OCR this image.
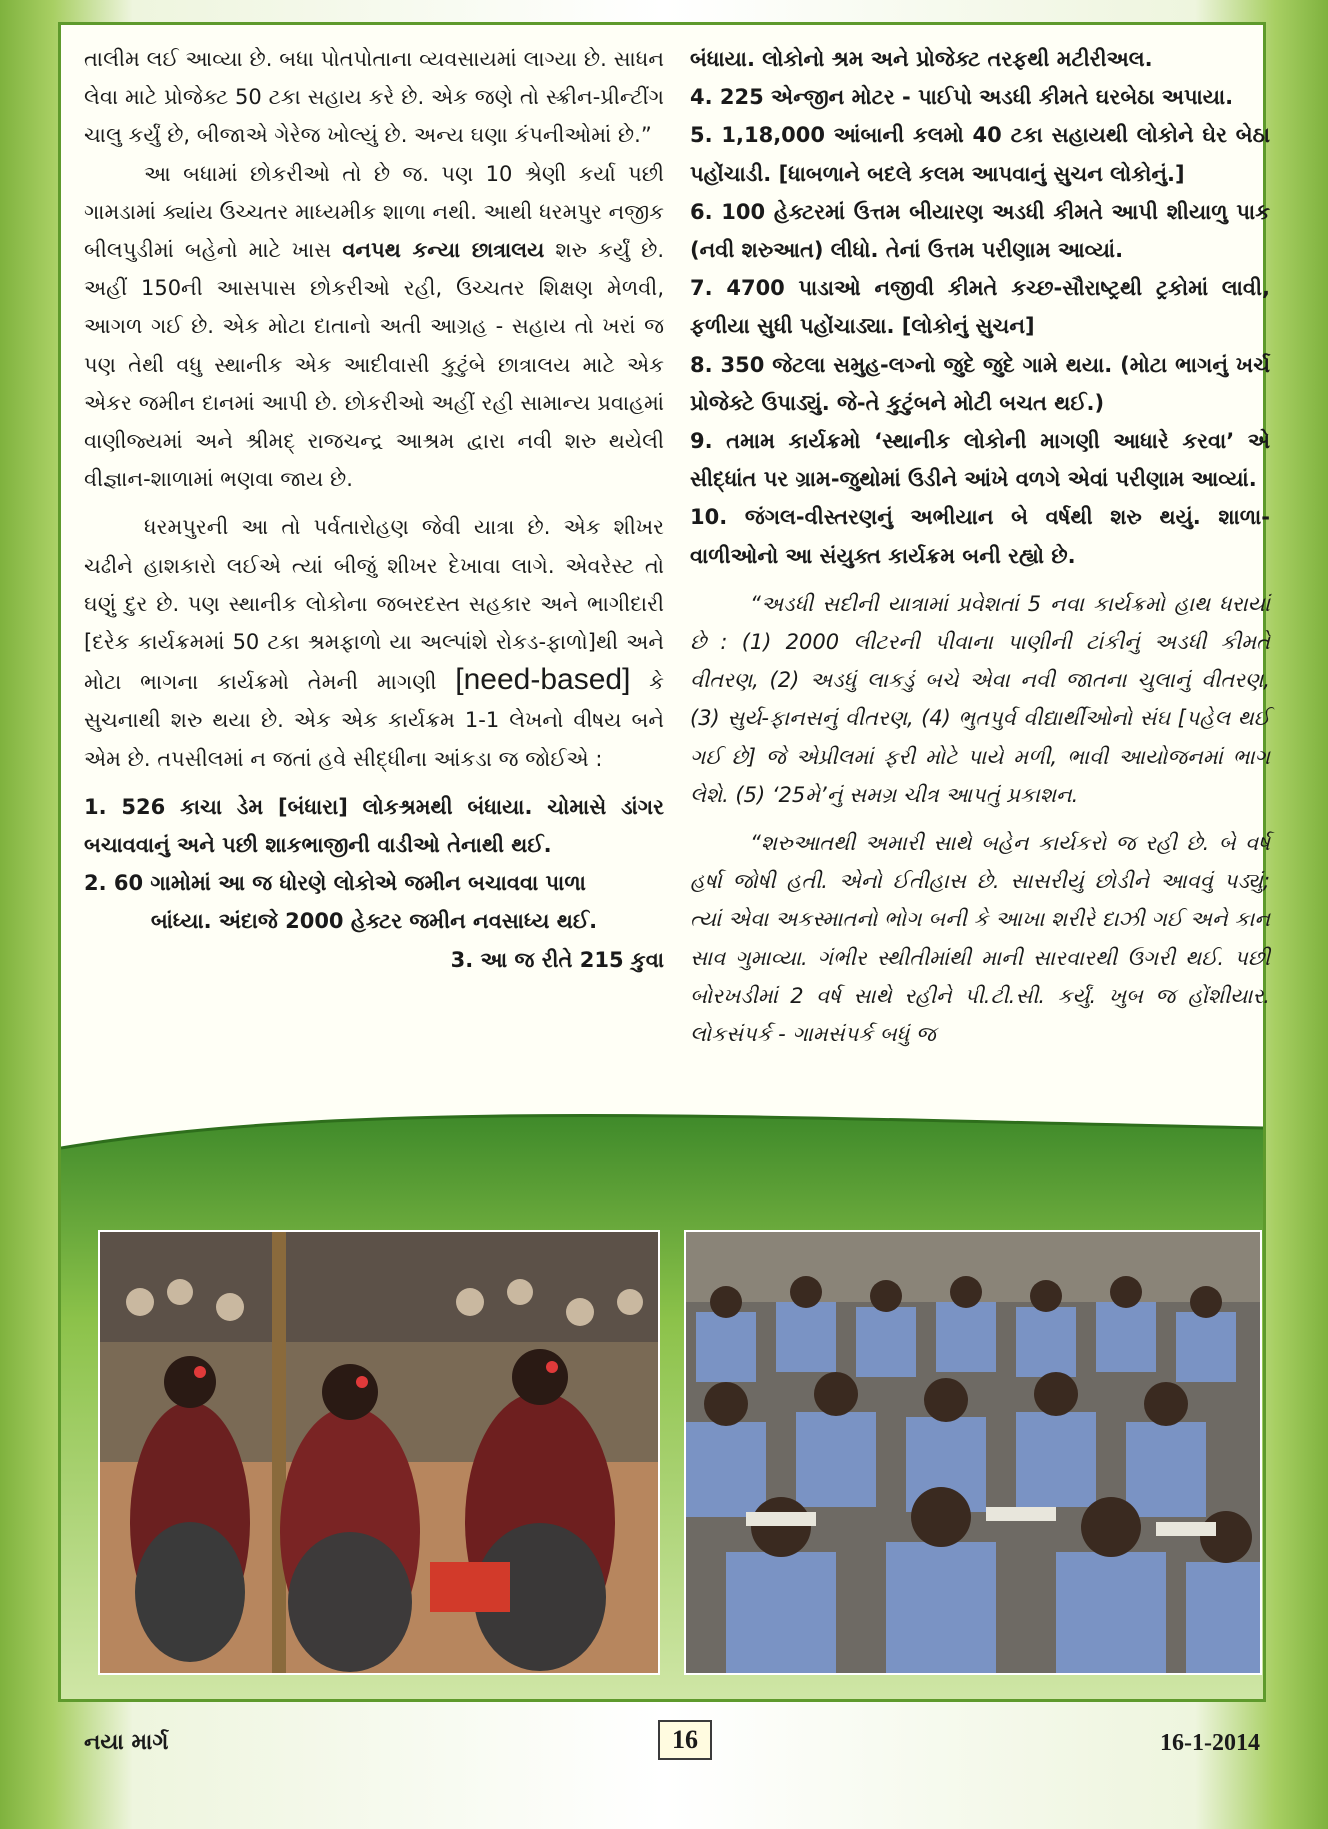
તાલીમ લઈ આવ્યા છે. બધા પોતપોતાના વ્યવસાયમાં લાગ્યા છે. સાધન લેવા માટે પ્રોજેક્ટ 50 ટકા સહાય કરે છે. એક જણે તો સ્ક્રીન-પ્રીન્ટીંગ ચાલુ કર્યું છે, બીજાએ ગેરેજ ખોલ્યું છે. અન્ય ઘણા કંપનીઓમાં છે.”

આ બધામાં છોકરીઓ તો છે જ. પણ 10 શ્રેણી કર્યા પછી ગામડામાં ક્યાંય ઉચ્ચતર માધ્યમીક શાળા નથી. આથી ધરમપુર નજીક બીલપુડીમાં બહેનો માટે ખાસ વનપથ કન્યા છાત્રાલય શરુ કર્યું છે. અહીં 150ની આસપાસ છોકરીઓ રહી, ઉચ્ચતર શિક્ષણ મેળવી, આગળ ગઈ છે. એક મોટા દાતાનો અતી આગ્રહ - સહાય તો ખરાં જ પણ તેથી વધુ સ્થાનીક એક આદીવાસી કુટુંબે છાત્રાલય માટે એક એકર જમીન દાનમાં આપી છે. છોકરીઓ અહીં રહી સામાન્ય પ્રવાહમાં વાણીજ્યમાં અને શ્રીમદ્ રાજચન્દ્ર આશ્રમ દ્વારા નવી શરુ થયેલી વીજ્ઞાન-શાળામાં ભણવા જાય છે.

ધરમપુરની આ તો પર્વતારોહણ જેવી યાત્રા છે. એક શીખર ચઢીને હાશકારો લઈએ ત્યાં બીજું શીખર દેખાવા લાગે. એવરેસ્ટ તો ઘણું દુર છે. પણ સ્થાનીક લોકોના જબરદસ્ત સહકાર અને ભાગીદારી [દરેક કાર્યક્રમમાં 50 ટકા શ્રમફાળો યા અલ્પાંશે રોકડ-ફાળો]થી અને મોટા ભાગના કાર્યક્રમો તેમની માગણી [need-based] કે સુચનાથી શરુ થયા છે. એક એક કાર્યક્રમ 1-1 લેખનો વીષય બને એમ છે. તપસીલમાં ન જતાં હવે સીદ્ધીના આંકડા જ જોઈએ :

1. 526 કાચા ડેમ [બંધારા] લોકશ્રમથી બંધાયા. ચોમાસે ડાંગર બચાવવાનું અને પછી શાકભાજીની વાડીઓ તેનાથી થઈ.

2. 60 ગામોમાં આ જ ધોરણે લોકોએ જમીન બચાવવા પાળા

બાંધ્યા. અંદાજે 2000 હેક્ટર જમીન નવસાધ્ય થઈ.

3. આ જ રીતે 215 કુવા

બંધાયા. લોકોનો શ્રમ અને પ્રોજેક્ટ તરફથી મટીરીઅલ.

4. 225 એન્જીન મોટર - પાઈપો અડધી કીમતે ઘરબેઠા અપાયા.

5. 1,18,000 આંબાની કલમો 40 ટકા સહાયથી લોકોને ઘેર બેઠા પહોંચાડી. [ધાબળાને બદલે કલમ આપવાનું સુચન લોકોનું.]

6. 100 હેક્ટરમાં ઉત્તમ બીયારણ અડધી કીમતે આપી શીયાળુ પાક (નવી શરુઆત) લીધો. તેનાં ઉત્તમ પરીણામ આવ્યાં.

7. 4700 પાડાઓ નજીવી કીમતે કચ્છ-સૌરાષ્ટ્રથી ટ્રકોમાં લાવી, ફળીયા સુધી પહોંચાડ્યા. [લોકોનું સુચન]

8. 350 જેટલા સમુહ-લગ્નો જુદે જુદે ગામે થયા. (મોટા ભાગનું ખર્ચ પ્રોજેક્ટે ઉપાડ્યું. જે-તે કુટુંબને મોટી બચત થઈ.)

9. તમામ કાર્યક્રમો ‘સ્થાનીક લોકોની માગણી આધારે કરવા’ એ સીદ્ધાંત પર ગ્રામ-જુથોમાં ઉડીને આંખે વળગે એવાં પરીણામ આવ્યાં.

10. જંગલ-વીસ્તરણનું અભીયાન બે વર્ષથી શરુ થયું. શાળા-વાળીઓનો આ સંયુક્ત કાર્યક્રમ બની રહ્યો છે.

“અડધી સદીની યાત્રામાં પ્રવેશતાં 5 નવા કાર્યક્રમો હાથ ધરાયાં છે : (1) 2000 લીટરની પીવાના પાણીની ટાંકીનું અડધી કીમતે વીતરણ, (2) અડધું લાકડું બચે એવા નવી જાતના ચુલાનું વીતરણ, (3) સુર્ય-ફાનસનું વીતરણ, (4) ભુતપુર્વ વીદ્યાર્થીઓનો સંઘ [પહેલ થઈ ગઈ છે] જે એપ્રીલમાં ફરી મોટે પાયે મળી, ભાવી આયોજનમાં ભાગ લેશે. (5) ‘25મે’નું સમગ્ર ચીત્ર આપતું પ્રકાશન.

“શરુઆતથી અમારી સાથે બહેન કાર્યકરો જ રહી છે. બે વર્ષ હર્ષા જોષી હતી. એનો ઈતીહાસ છે. સાસરીયું છોડીને આવવું પડ્યું; ત્યાં એવા અકસ્માતનો ભોગ બની કે આખા શરીરે દાઝી ગઈ અને કાન સાવ ગુમાવ્યા. ગંભીર સ્થીતીમાંથી માની સારવારથી ઉગરી થઈ. પછી બોરખડીમાં 2 વર્ષ સાથે રહીને પી.ટી.સી. કર્યું. ખુબ જ હોંશીયાર. લોકસંપર્ક - ગામસંપર્ક બધું જ

નયા માર્ગ	16	16-1-2014
